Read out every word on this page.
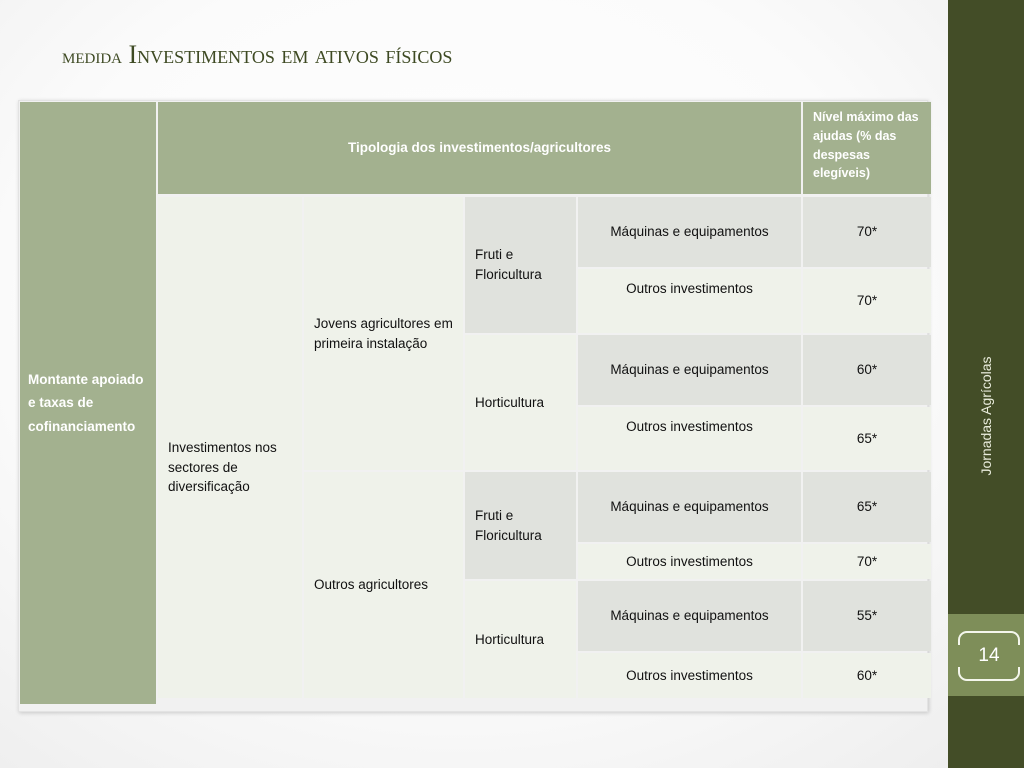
medida Investimentos em ativos físicos
Jornadas Agrícolas
14
Montante apoiado e taxas de cofinanciamento
Tipologia dos investimentos/agricultores
Nível máximo das ajudas (% das despesas elegíveis)
Investimentos nos sectores de diversificação
Jovens agricultores em primeira instalação
Outros agricultores
Fruti e Floricultura
Horticultura
Fruti e Floricultura
Horticultura
Máquinas e equipamentos
Outros investimentos
Máquinas e equipamentos
Outros investimentos
Máquinas e equipamentos
Outros investimentos
Máquinas e equipamentos
Outros investimentos
70*
70*
60*
65*
65*
70*
55*
60*
